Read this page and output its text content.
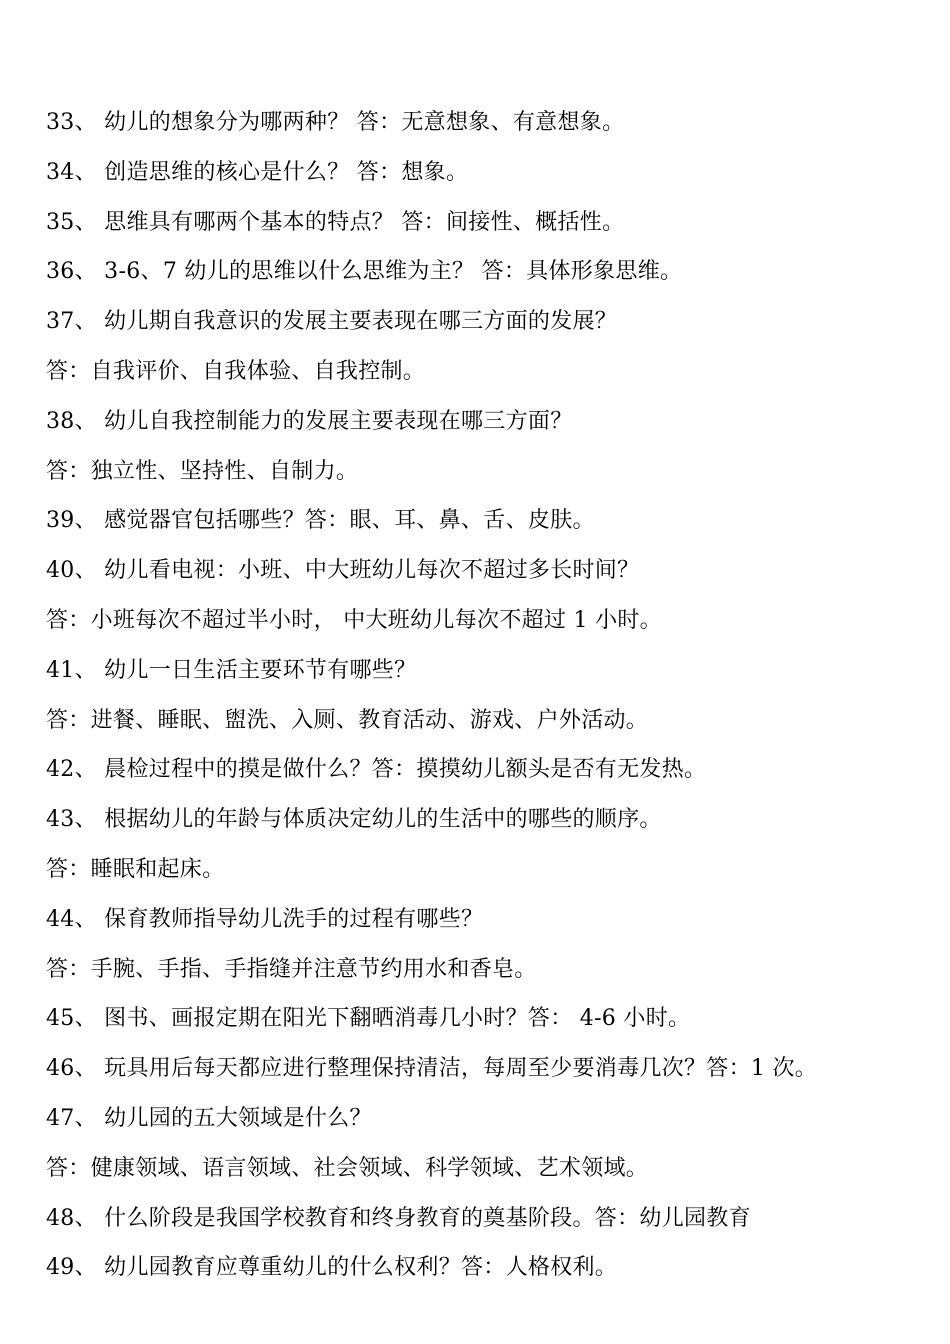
33、 幼儿的想象分为哪两种？ 答：无意想象、有意想象。
34、 创造思维的核心是什么？ 答：想象。
35、 思维具有哪两个基本的特点？ 答：间接性、概括性。
36、 3-6、7 幼儿的思维以什么思维为主？ 答：具体形象思维。
37、 幼儿期自我意识的发展主要表现在哪三方面的发展？
答：自我评价、自我体验、自我控制。
38、 幼儿自我控制能力的发展主要表现在哪三方面？
答：独立性、坚持性、自制力。
39、 感觉器官包括哪些？答：眼、耳、鼻、舌、皮肤。
40、 幼儿看电视：小班、中大班幼儿每次不超过多长时间？
答：小班每次不超过半小时， 中大班幼儿每次不超过 1 小时。
41、 幼儿一日生活主要环节有哪些？
答：进餐、睡眠、盥洗、入厕、教育活动、游戏、户外活动。
42、 晨检过程中的摸是做什么？答：摸摸幼儿额头是否有无发热。
43、 根据幼儿的年龄与体质决定幼儿的生活中的哪些的顺序。
答：睡眠和起床。
44、 保育教师指导幼儿洗手的过程有哪些？
答：手腕、手指、手指缝并注意节约用水和香皂。
45、 图书、画报定期在阳光下翻晒消毒几小时？答： 4-6 小时。
46、 玩具用后每天都应进行整理保持清洁，每周至少要消毒几次？答：1 次。
47、 幼儿园的五大领域是什么？
答：健康领域、语言领域、社会领域、科学领域、艺术领域。
48、 什么阶段是我国学校教育和终身教育的奠基阶段。答：幼儿园教育
49、 幼儿园教育应尊重幼儿的什么权利？答：人格权利。
